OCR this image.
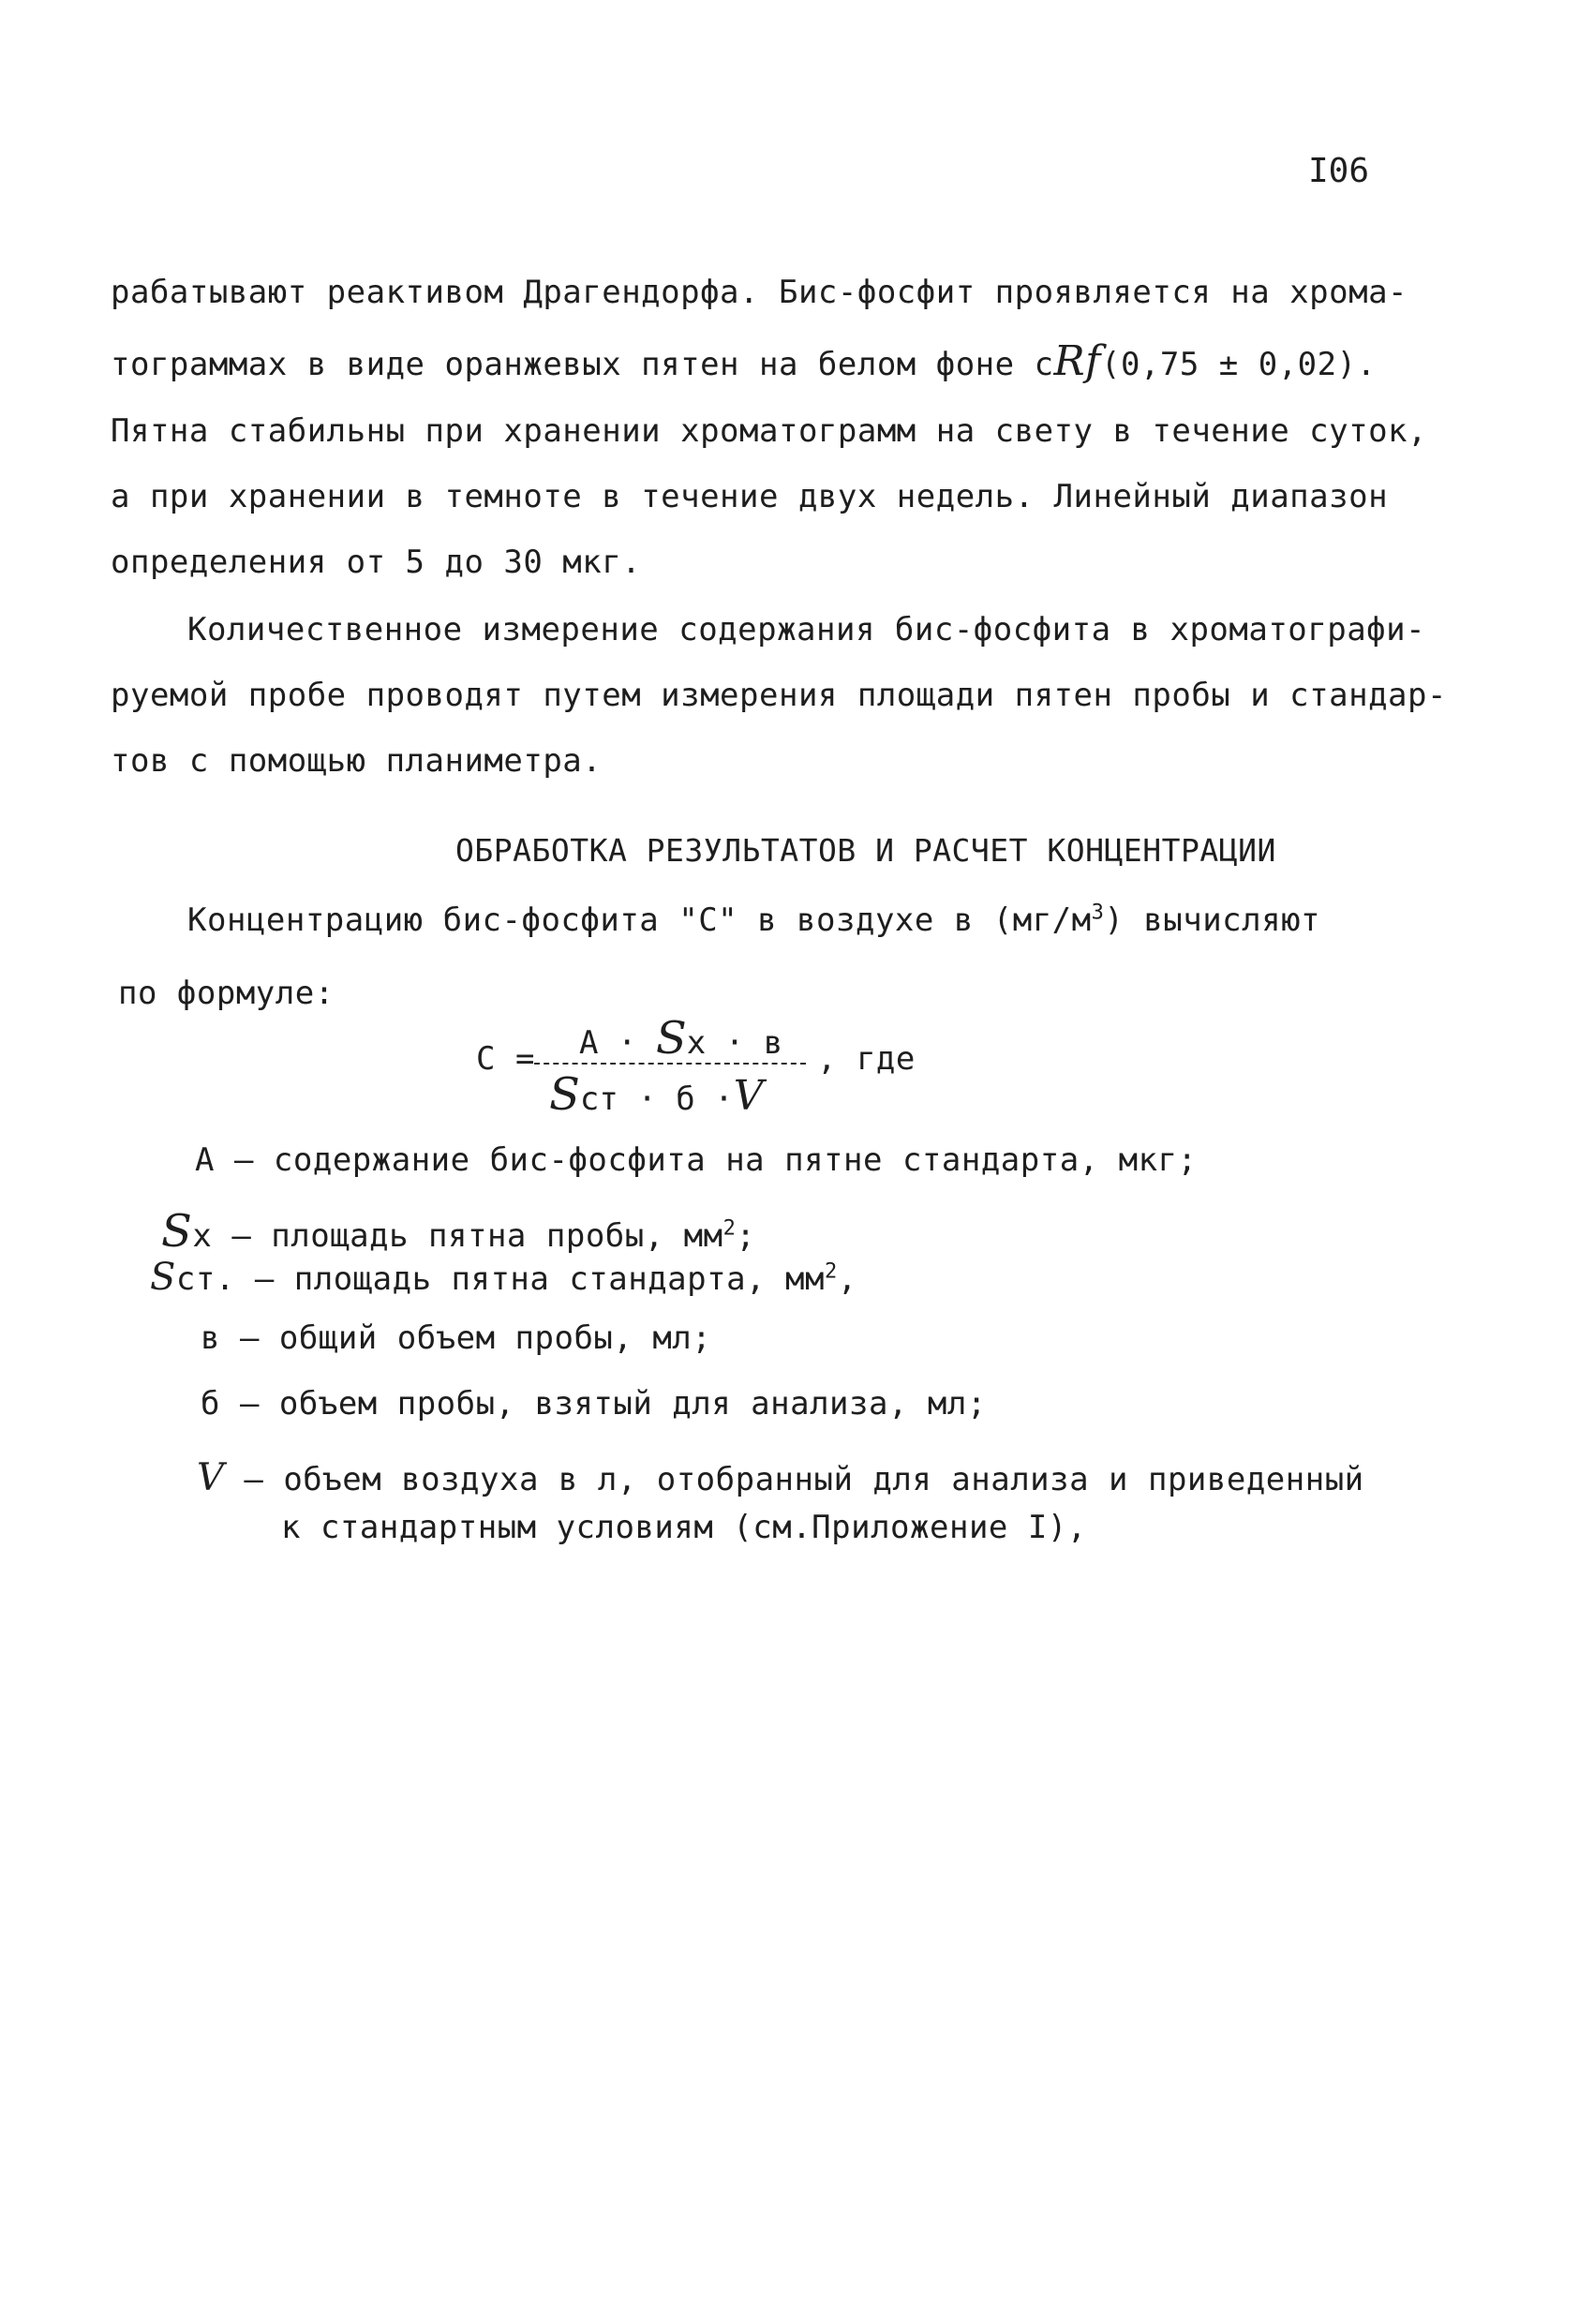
I06
рабатывают реактивом Драгендорфа. Бис-фосфит проявляется на хрома-
тограммах в виде оранжевых пятен на белом фоне сRf(0,75 ± 0,02).
Пятна стабильны при хранении хроматограмм на свету в течение суток,
а при хранении в темноте в течение двух недель. Линейный диапазон
определения от 5 до 30 мкг.
Количественное измерение содержания бис-фосфита в хроматографи-
руемой пробе проводят путем измерения площади пятен пробы и стандар-
тов с помощью планиметра.
ОБРАБОТКА РЕЗУЛЬТАТОВ И РАСЧЕТ КОНЦЕНТРАЦИИ
Концентрацию бис-фосфита "С" в воздухе в $(мг/м^3)$ вычисляют
по формуле:
С = А · Sx · в
Sст · б ·V
, где
А – содержание бис-фосфита на пятне стандарта, мкг;
Sx – площадь пятна пробы, $мм^2$;
Sст. – площадь пятна стандарта, $мм^2$,
в – общий объем пробы, мл;
б – объем пробы, взятый для анализа, мл;
V – объем воздуха в л, отобранный для анализа и приведенный
к стандартным условиям (см.Приложение I),
